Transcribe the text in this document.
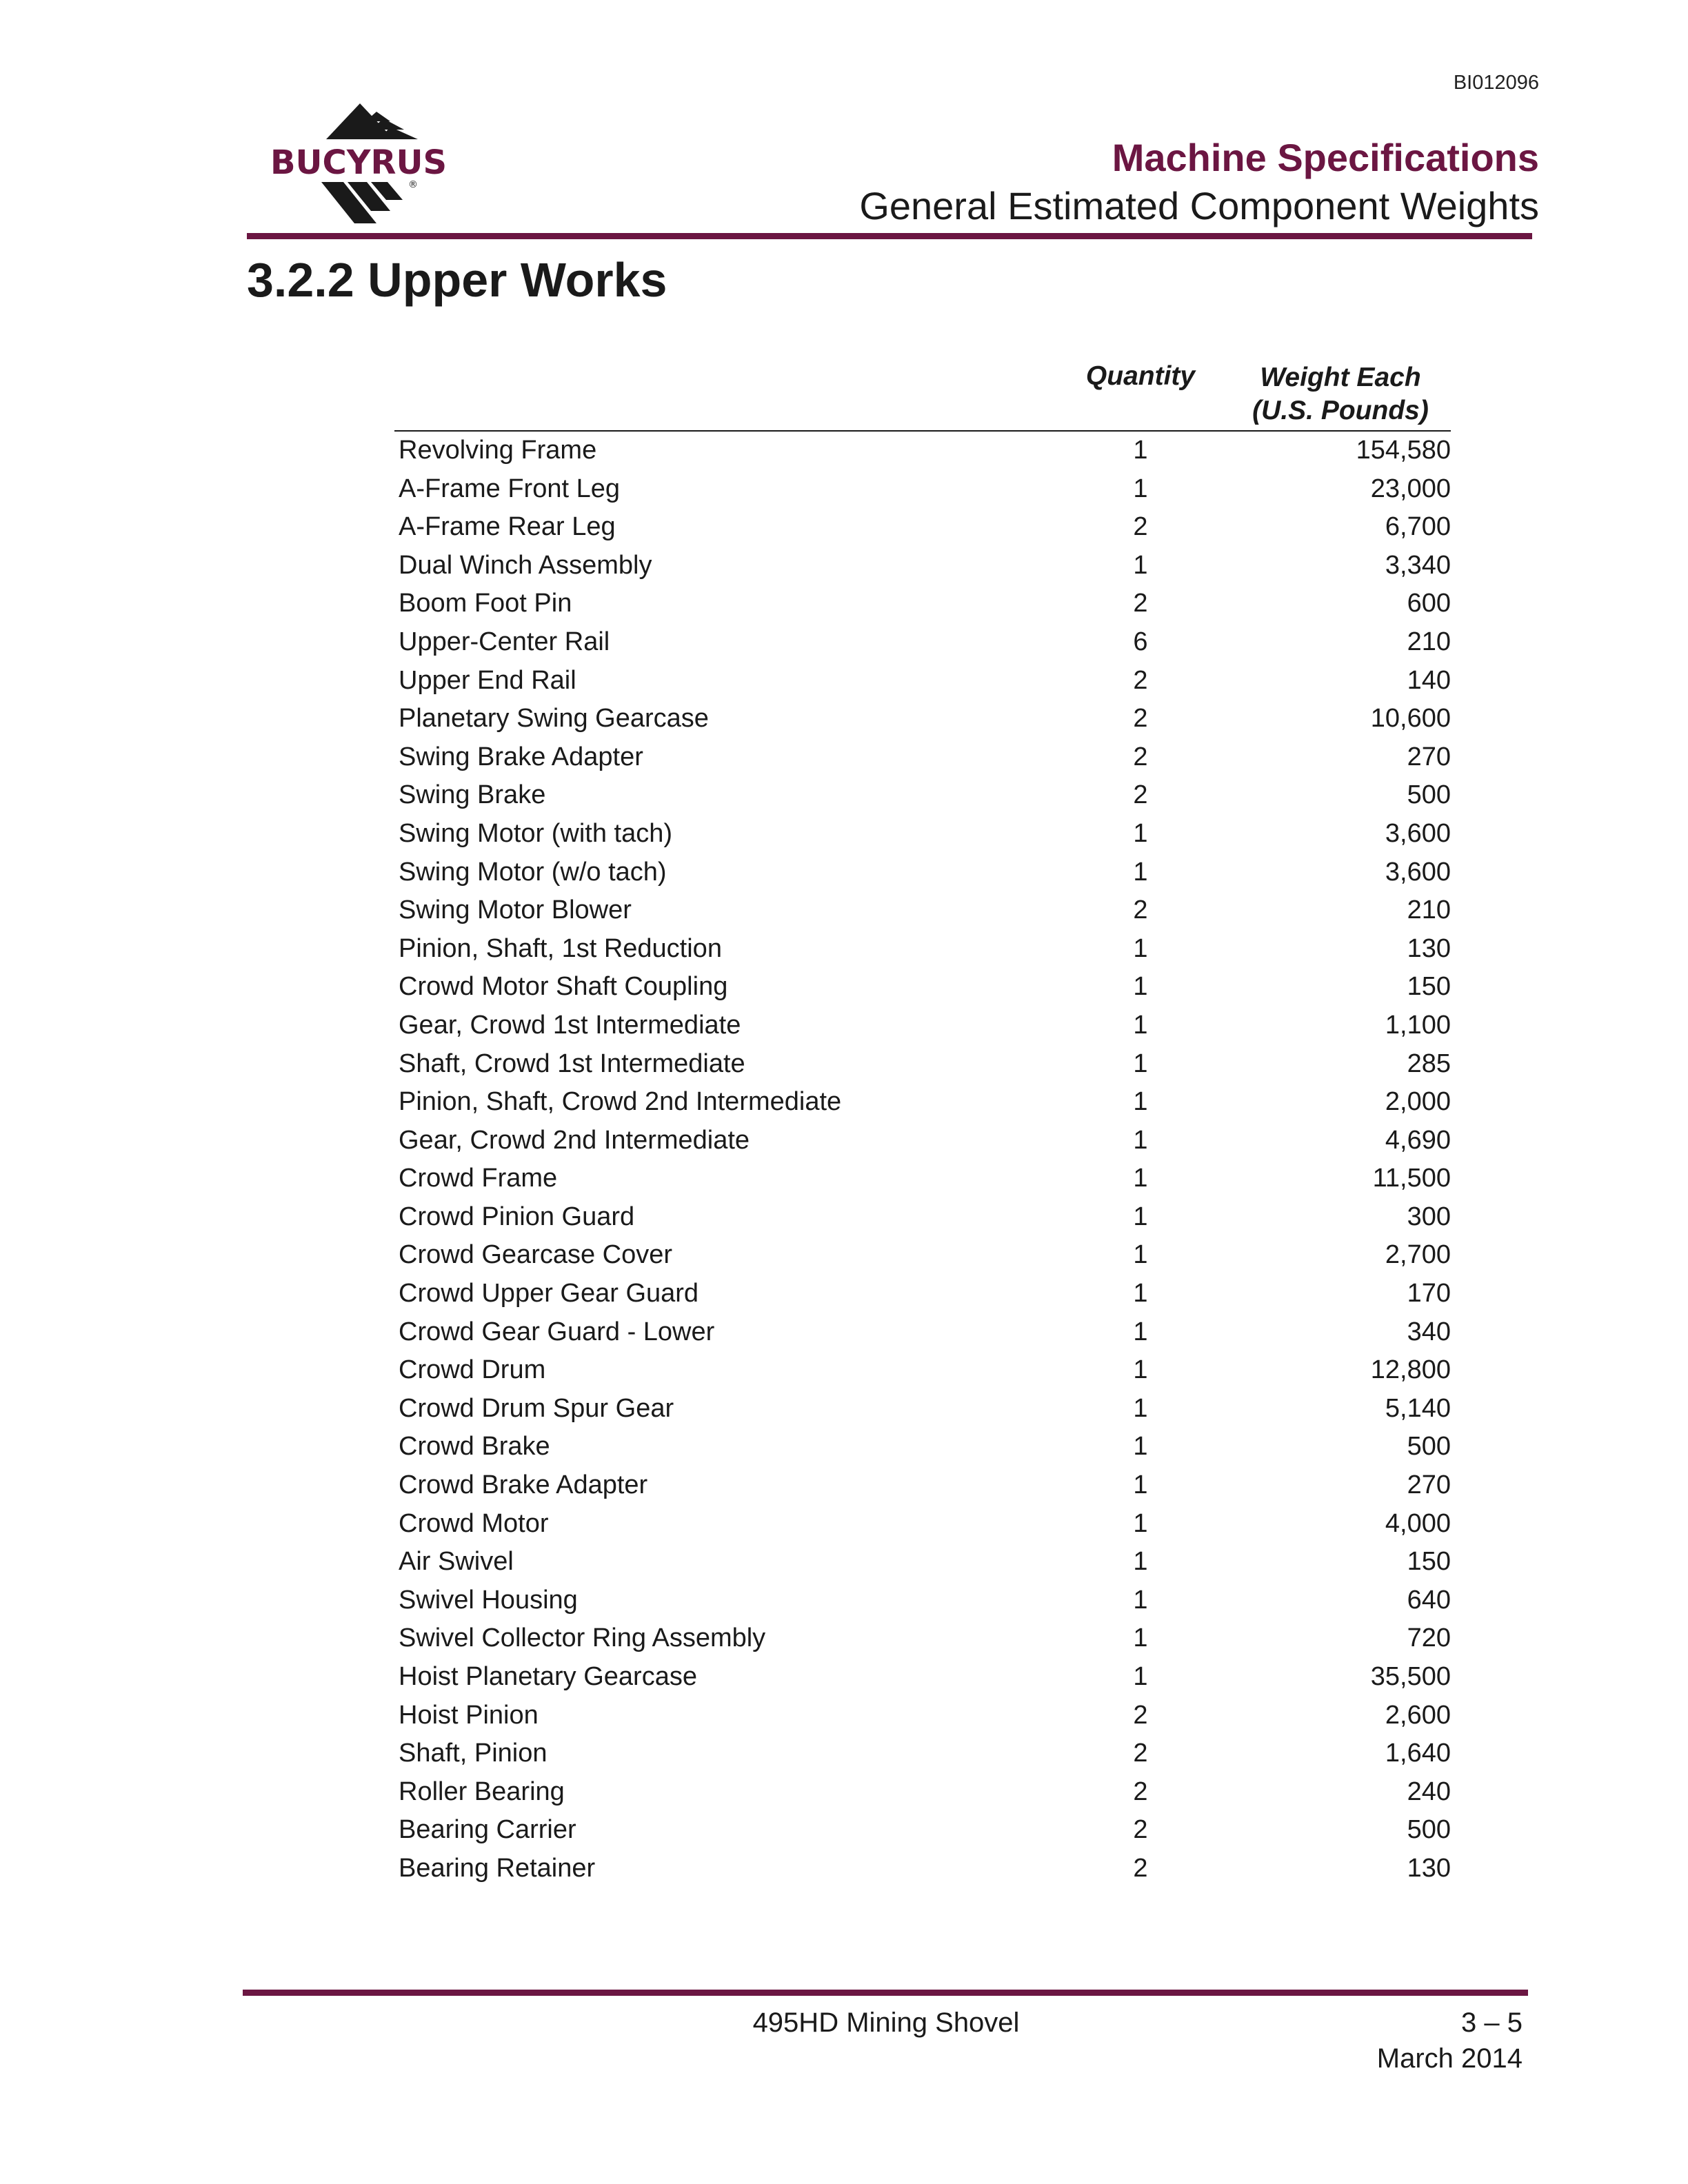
BI012096
BUCYRUS
®
Machine Specifications
General Estimated Component Weights
3.2.2 Upper Works
Quantity	Weight Each
(U.S. Pounds)
Revolving Frame	1	154,580
A-Frame Front Leg	1	23,000
A-Frame Rear Leg	2	6,700
Dual Winch Assembly	1	3,340
Boom Foot Pin	2	600
Upper-Center Rail	6	210
Upper End Rail	2	140
Planetary Swing Gearcase	2	10,600
Swing Brake Adapter	2	270
Swing Brake	2	500
Swing Motor (with tach)	1	3,600
Swing Motor (w/o tach)	1	3,600
Swing Motor Blower	2	210
Pinion, Shaft, 1st Reduction	1	130
Crowd Motor Shaft Coupling	1	150
Gear, Crowd 1st Intermediate	1	1,100
Shaft, Crowd 1st Intermediate	1	285
Pinion, Shaft, Crowd 2nd Intermediate	1	2,000
Gear, Crowd 2nd Intermediate	1	4,690
Crowd Frame	1	11,500
Crowd Pinion Guard	1	300
Crowd Gearcase Cover	1	2,700
Crowd Upper Gear Guard	1	170
Crowd Gear Guard - Lower	1	340
Crowd Drum	1	12,800
Crowd Drum Spur Gear	1	5,140
Crowd Brake	1	500
Crowd Brake Adapter	1	270
Crowd Motor	1	4,000
Air Swivel	1	150
Swivel Housing	1	640
Swivel Collector Ring Assembly	1	720
Hoist Planetary Gearcase	1	35,500
Hoist Pinion	2	2,600
Shaft, Pinion	2	1,640
Roller Bearing	2	240
Bearing Carrier	2	500
Bearing Retainer	2	130
495HD Mining Shovel	3 – 5
March 2014
